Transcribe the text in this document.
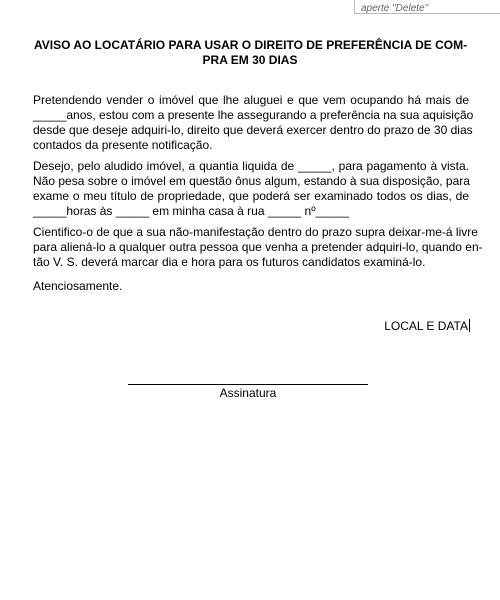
aperte "Delete"
AVISO AO LOCATÁRIO PARA USAR O DIREITO DE PREFERÊNCIA DE COM-
PRA EM 30 DIAS

Pretendendo vender o imóvel que lhe aluguei e que vem ocupando há mais de
_____anos, estou com a presente lhe assegurando a preferência na sua aquisição
desde que deseje adquiri-lo, direito que deverá exercer dentro do prazo de 30 dias
contados da presente notificação.

Desejo, pelo aludido imóvel, a quantia liquida de _____, para pagamento à vista.
Não pesa sobre o imóvel em questão ônus algum, estando à sua disposição, para
exame o meu título de propriedade, que poderá ser examinado todos os dias, de
_____horas às _____ em minha casa à rua _____ nº_____

Cientifico-o de que a sua não-manifestação dentro do prazo supra deixar-me-á livre
para aliená-lo a qualquer outra pessoa que venha a pretender adquiri-lo, quando en-
tão V. S. deverá marcar dia e hora para os futuros candidatos examiná-lo.

Atenciosamente.

LOCAL E DATA
Assinatura
